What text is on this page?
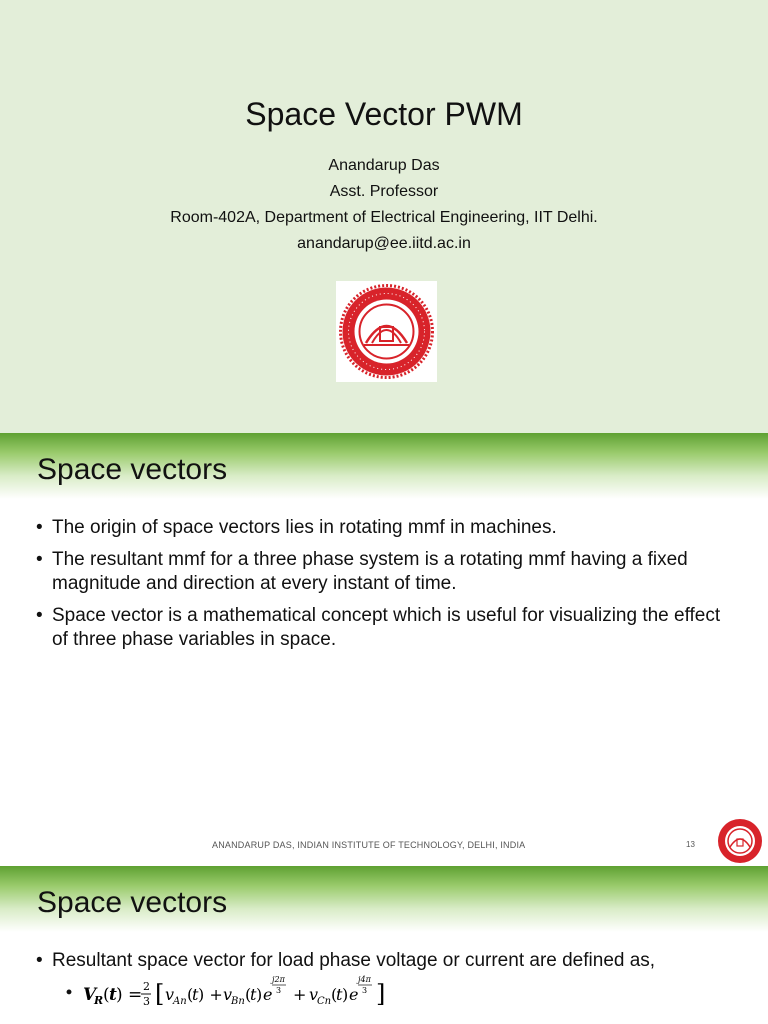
Space Vector PWM
Anandarup Das
Asst. Professor
Room-402A, Department of Electrical Engineering, IIT Delhi.
anandarup@ee.iitd.ac.in
Space vectors
• The origin of space vectors lies in rotating mmf in machines.
• The resultant mmf for a three phase system is a rotating mmf having a fixed magnitude and direction at every instant of time.
• Space vector is a mathematical concept which is useful for visualizing the effect of three phase variables in space.
ANANDARUP DAS, INDIAN INSTITUTE OF TECHNOLOGY, DELHI, INDIA	13
Space vectors
• Resultant space vector for load phase voltage or current are defined as,
• V
R ( t ) = 2
3 [ v
An (
t ) + v
Bn (
t ) e
j2π
3 + v
Cn (
t ) e
j4π
3 ]
